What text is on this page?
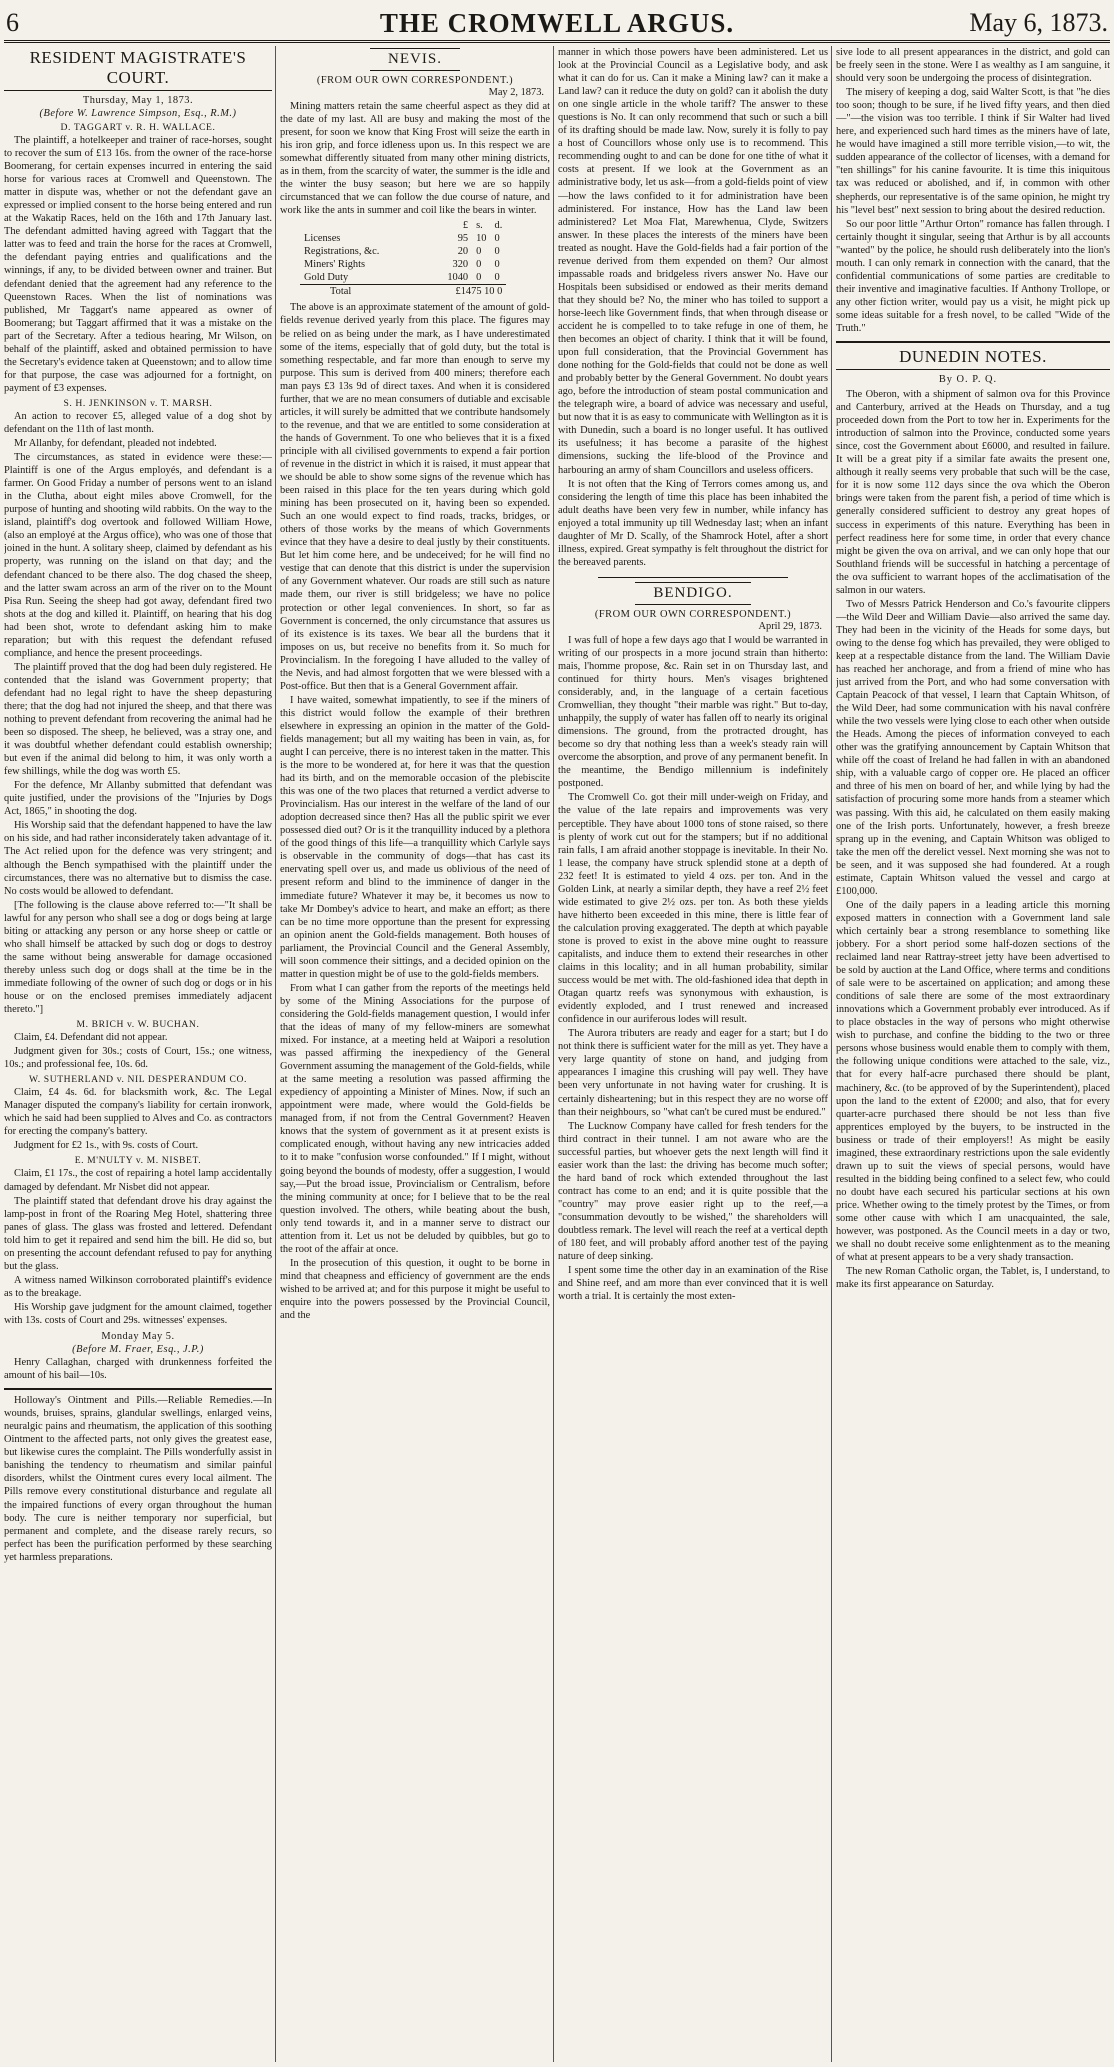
6	THE CROMWELL ARGUS.	May 6, 1873.
RESIDENT MAGISTRATE'S COURT.
Thursday, May 1, 1873.
(Before W. Lawrence Simpson, Esq., R.M.)
D. TAGGART v. R. H. WALLACE.

The plaintiff, a hotelkeeper and trainer of race-horses, sought to recover the sum of £13 16s. from the owner of the race-horse Boomerang, for certain expenses incurred in entering the said horse for various races at Cromwell and Queenstown. The matter in dispute was, whether or not the defendant gave an expressed or implied consent to the horse being entered and run at the Wakatip Races, held on the 16th and 17th January last. The defendant admitted having agreed with Taggart that the latter was to feed and train the horse for the races at Cromwell, the defendant paying entries and qualifications and the winnings, if any, to be divided between owner and trainer. But defendant denied that the agreement had any reference to the Queenstown Races. When the list of nominations was published, Mr Taggart's name appeared as owner of Boomerang; but Taggart affirmed that it was a mistake on the part of the Secretary. After a tedious hearing, Mr Wilson, on behalf of the plaintiff, asked and obtained permission to have the Secretary's evidence taken at Queenstown; and to allow time for that purpose, the case was adjourned for a fortnight, on payment of £3 expenses.

S. H. JENKINSON v. T. MARSH.

An action to recover £5, alleged value of a dog shot by defendant on the 11th of last month.

Mr Allanby, for defendant, pleaded not indebted.

The circumstances, as stated in evidence were these:—Plaintiff is one of the Argus employés, and defendant is a farmer. On Good Friday a number of persons went to an island in the Clutha, about eight miles above Cromwell, for the purpose of hunting and shooting wild rabbits. On the way to the island, plaintiff's dog overtook and followed William Howe, (also an employé at the Argus office), who was one of those that joined in the hunt. A solitary sheep, claimed by defendant as his property, was running on the island on that day; and the defendant chanced to be there also. The dog chased the sheep, and the latter swam across an arm of the river on to the Mount Pisa Run. Seeing the sheep had got away, defendant fired two shots at the dog and killed it. Plaintiff, on hearing that his dog had been shot, wrote to defendant asking him to make reparation; but with this request the defendant refused compliance, and hence the present proceedings.

The plaintiff proved that the dog had been duly registered. He contended that the island was Government property; that defendant had no legal right to have the sheep depasturing there; that the dog had not injured the sheep, and that there was nothing to prevent defendant from recovering the animal had he been so disposed. The sheep, he believed, was a stray one, and it was doubtful whether defendant could establish ownership; but even if the animal did belong to him, it was only worth a few shillings, while the dog was worth £5.

For the defence, Mr Allanby submitted that defendant was quite justified, under the provisions of the "Injuries by Dogs Act, 1865," in shooting the dog.

His Worship said that the defendant happened to have the law on his side, and had rather inconsiderately taken advantage of it. The Act relied upon for the defence was very stringent; and although the Bench sympathised with the plaintiff under the circumstances, there was no alternative but to dismiss the case. No costs would be allowed to defendant.

[The following is the clause above referred to:—"It shall be lawful for any person who shall see a dog or dogs being at large biting or attacking any person or any horse sheep or cattle or who shall himself be attacked by such dog or dogs to destroy the same without being answerable for damage occasioned thereby unless such dog or dogs shall at the time be in the immediate following of the owner of such dog or dogs or in his house or on the enclosed premises immediately adjacent thereto."]

M. BRICH v. W. BUCHAN.

Claim, £4. Defendant did not appear.

Judgment given for 30s.; costs of Court, 15s.; one witness, 10s.; and professional fee, 10s. 6d.

W. SUTHERLAND v. NIL DESPERANDUM CO.

Claim, £4 4s. 6d. for blacksmith work, &c. The Legal Manager disputed the company's liability for certain ironwork, which he said had been supplied to Alves and Co. as contractors for erecting the company's battery.

Judgment for £2 1s., with 9s. costs of Court.

E. M'NULTY v. M. NISBET.

Claim, £1 17s., the cost of repairing a hotel lamp accidentally damaged by defendant. Mr Nisbet did not appear.

The plaintiff stated that defendant drove his dray against the lamp-post in front of the Roaring Meg Hotel, shattering three panes of glass. The glass was frosted and lettered. Defendant told him to get it repaired and send him the bill. He did so, but on presenting the account defendant refused to pay for anything but the glass.

A witness named Wilkinson corroborated plaintiff's evidence as to the breakage.

His Worship gave judgment for the amount claimed, together with 13s. costs of Court and 29s. witnesses' expenses.

Monday May 5.
(Before M. Fraer, Esq., J.P.)

Henry Callaghan, charged with drunkenness forfeited the amount of his bail—10s.

Holloway's Ointment and Pills.—Reliable Remedies.—In wounds, bruises, sprains, glandular swellings, enlarged veins, neuralgic pains and rheumatism, the application of this soothing Ointment to the affected parts, not only gives the greatest ease, but likewise cures the complaint. The Pills wonderfully assist in banishing the tendency to rheumatism and similar painful disorders, whilst the Ointment cures every local ailment. The Pills remove every constitutional disturbance and regulate all the impaired functions of every organ throughout the human body. The cure is neither temporary nor superficial, but permanent and complete, and the disease rarely recurs, so perfect has been the purification performed by these searching yet harmless preparations.

NEVIS.
(FROM OUR OWN CORRESPONDENT.)
May 2, 1873.

Mining matters retain the same cheerful aspect as they did at the date of my last. All are busy and making the most of the present, for soon we know that King Frost will seize the earth in his iron grip, and force idleness upon us. In this respect we are somewhat differently situated from many other mining districts, as in them, from the scarcity of water, the summer is the idle and the winter the busy season; but here we are so happily circumstanced that we can follow the due course of nature, and work like the ants in summer and coil like the bears in winter.

		£	s.	d.
Licenses		95	10	0
Registrations, &c.		20	0	0
Miners' Rights		320	0	0
Gold Duty		1040	0	0
Total		£1475 10 0		

The above is an approximate statement of the amount of gold-fields revenue derived yearly from this place. The figures may be relied on as being under the mark, as I have underestimated some of the items, especially that of gold duty, but the total is something respectable, and far more than enough to serve my purpose. This sum is derived from 400 miners; therefore each man pays £3 13s 9d of direct taxes. And when it is considered further, that we are no mean consumers of dutiable and excisable articles, it will surely be admitted that we contribute handsomely to the revenue, and that we are entitled to some consideration at the hands of Government. To one who believes that it is a fixed principle with all civilised governments to expend a fair portion of revenue in the district in which it is raised, it must appear that we should be able to show some signs of the revenue which has been raised in this place for the ten years during which gold mining has been prosecuted on it, having been so expended. Such an one would expect to find roads, tracks, bridges, or others of those works by the means of which Governments evince that they have a desire to deal justly by their constituents. But let him come here, and be undeceived; for he will find no vestige that can denote that this district is under the supervision of any Government whatever. Our roads are still such as nature made them, our river is still bridgeless; we have no police protection or other legal conveniences. In short, so far as Government is concerned, the only circumstance that assures us of its existence is its taxes. We bear all the burdens that it imposes on us, but receive no benefits from it. So much for Provincialism. In the foregoing I have alluded to the valley of the Nevis, and had almost forgotten that we were blessed with a Post-office. But then that is a General Government affair.

I have waited, somewhat impatiently, to see if the miners of this district would follow the example of their brethren elsewhere in expressing an opinion in the matter of the Gold-fields management; but all my waiting has been in vain, as, for aught I can perceive, there is no interest taken in the matter. This is the more to be wondered at, for here it was that the question had its birth, and on the memorable occasion of the plebiscite this was one of the two places that returned a verdict adverse to Provincialism. Has our interest in the welfare of the land of our adoption decreased since then? Has all the public spirit we ever possessed died out? Or is it the tranquillity induced by a plethora of the good things of this life—a tranquillity which Carlyle says is observable in the community of dogs—that has cast its enervating spell over us, and made us oblivious of the need of present reform and blind to the imminence of danger in the immediate future? Whatever it may be, it becomes us now to take Mr Dombey's advice to heart, and make an effort; as there can be no time more opportune than the present for expressing an opinion anent the Gold-fields management. Both houses of parliament, the Provincial Council and the General Assembly, will soon commence their sittings, and a decided opinion on the matter in question might be of use to the gold-fields members.

From what I can gather from the reports of the meetings held by some of the Mining Associations for the purpose of considering the Gold-fields management question, I would infer that the ideas of many of my fellow-miners are somewhat mixed. For instance, at a meeting held at Waipori a resolution was passed affirming the inexpediency of the General Government assuming the management of the Gold-fields, while at the same meeting a resolution was passed affirming the expediency of appointing a Minister of Mines. Now, if such an appointment were made, where would the Gold-fields be managed from, if not from the Central Government? Heaven knows that the system of government as it at present exists is complicated enough, without having any new intricacies added to it to make "confusion worse confounded." If I might, without going beyond the bounds of modesty, offer a suggestion, I would say,—Put the broad issue, Provincialism or Centralism, before the mining community at once; for I believe that to be the real question involved. The others, while beating about the bush, only tend towards it, and in a manner serve to distract our attention from it. Let us not be deluded by quibbles, but go to the root of the affair at once.

In the prosecution of this question, it ought to be borne in mind that cheapness and efficiency of government are the ends wished to be arrived at; and for this purpose it might be useful to enquire into the powers possessed by the Provincial Council, and the

manner in which those powers have been administered. Let us look at the Provincial Council as a Legislative body, and ask what it can do for us. Can it make a Mining law? can it make a Land law? can it reduce the duty on gold? can it abolish the duty on one single article in the whole tariff? The answer to these questions is No. It can only recommend that such or such a bill of its drafting should be made law. Now, surely it is folly to pay a host of Councillors whose only use is to recommend. This recommending ought to and can be done for one tithe of what it costs at present. If we look at the Government as an administrative body, let us ask—from a gold-fields point of view—how the laws confided to it for administration have been administered. For instance, How has the Land law been administered? Let Moa Flat, Marewhenua, Clyde, Switzers answer. In these places the interests of the miners have been treated as nought. Have the Gold-fields had a fair portion of the revenue derived from them expended on them? Our almost impassable roads and bridgeless rivers answer No. Have our Hospitals been subsidised or endowed as their merits demand that they should be? No, the miner who has toiled to support a horse-leech like Government finds, that when through disease or accident he is compelled to to take refuge in one of them, he then becomes an object of charity. I think that it will be found, upon full consideration, that the Provincial Government has done nothing for the Gold-fields that could not be done as well and probably better by the General Government. No doubt years ago, before the introduction of steam postal communication and the telegraph wire, a board of advice was necessary and useful, but now that it is as easy to communicate with Wellington as it is with Dunedin, such a board is no longer useful. It has outlived its usefulness; it has become a parasite of the highest dimensions, sucking the life-blood of the Province and harbouring an army of sham Councillors and useless officers.

It is not often that the King of Terrors comes among us, and considering the length of time this place has been inhabited the adult deaths have been very few in number, while infancy has enjoyed a total immunity up till Wednesday last; when an infant daughter of Mr D. Scally, of the Shamrock Hotel, after a short illness, expired. Great sympathy is felt throughout the district for the bereaved parents.

BENDIGO.
(FROM OUR OWN CORRESPONDENT.)
April 29, 1873.

I was full of hope a few days ago that I would be warranted in writing of our prospects in a more jocund strain than hitherto: mais, l'homme propose, &c. Rain set in on Thursday last, and continued for thirty hours. Men's visages brightened considerably, and, in the language of a certain facetious Cromwellian, they thought "their marble was right." But to-day, unhappily, the supply of water has fallen off to nearly its original dimensions. The ground, from the protracted drought, has become so dry that nothing less than a week's steady rain will overcome the absorption, and prove of any permanent benefit. In the meantime, the Bendigo millennium is indefinitely postponed.

The Cromwell Co. got their mill under-weigh on Friday, and the value of the late repairs and improvements was very perceptible. They have about 1000 tons of stone raised, so there is plenty of work cut out for the stampers; but if no additional rain falls, I am afraid another stoppage is inevitable. In their No. 1 lease, the company have struck splendid stone at a depth of 232 feet! It is estimated to yield 4 ozs. per ton. And in the Golden Link, at nearly a similar depth, they have a reef 2½ feet wide estimated to give 2½ ozs. per ton. As both these yields have hitherto been exceeded in this mine, there is little fear of the calculation proving exaggerated. The depth at which payable stone is proved to exist in the above mine ought to reassure capitalists, and induce them to extend their researches in other claims in this locality; and in all human probability, similar success would be met with. The old-fashioned idea that depth in Otagan quartz reefs was synonymous with exhaustion, is evidently exploded, and I trust renewed and increased confidence in our auriferous lodes will result.

The Aurora tributers are ready and eager for a start; but I do not think there is sufficient water for the mill as yet. They have a very large quantity of stone on hand, and judging from appearances I imagine this crushing will pay well. They have been very unfortunate in not having water for crushing. It is certainly disheartening; but in this respect they are no worse off than their neighbours, so "what can't be cured must be endured."

The Lucknow Company have called for fresh tenders for the third contract in their tunnel. I am not aware who are the successful parties, but whoever gets the next length will find it easier work than the last: the driving has become much softer; the hard band of rock which extended throughout the last contract has come to an end; and it is quite possible that the "country" may prove easier right up to the reef,—a "consummation devoutly to be wished," the shareholders will doubtless remark. The level will reach the reef at a vertical depth of 180 feet, and will probably afford another test of the paying nature of deep sinking.

I spent some time the other day in an examination of the Rise and Shine reef, and am more than ever convinced that it is well worth a trial. It is certainly the most exten-

sive lode to all present appearances in the district, and gold can be freely seen in the stone. Were I as wealthy as I am sanguine, it should very soon be undergoing the process of disintegration.

The misery of keeping a dog, said Walter Scott, is that "he dies too soon; though to be sure, if he lived fifty years, and then died—"—the vision was too terrible. I think if Sir Walter had lived here, and experienced such hard times as the miners have of late, he would have imagined a still more terrible vision,—to wit, the sudden appearance of the collector of licenses, with a demand for "ten shillings" for his canine favourite. It is time this iniquitous tax was reduced or abolished, and if, in common with other shepherds, our representative is of the same opinion, he might try his "level best" next session to bring about the desired reduction.

So our poor little "Arthur Orton" romance has fallen through. I certainly thought it singular, seeing that Arthur is by all accounts "wanted" by the police, he should rush deliberately into the lion's mouth. I can only remark in connection with the canard, that the confidential communications of some parties are creditable to their inventive and imaginative faculties. If Anthony Trollope, or any other fiction writer, would pay us a visit, he might pick up some ideas suitable for a fresh novel, to be called "Wide of the Truth."

DUNEDIN NOTES.
By O. P. Q.

The Oberon, with a shipment of salmon ova for this Province and Canterbury, arrived at the Heads on Thursday, and a tug proceeded down from the Port to tow her in. Experiments for the introduction of salmon into the Province, conducted some years since, cost the Government about £6000, and resulted in failure. It will be a great pity if a similar fate awaits the present one, although it really seems very probable that such will be the case, for it is now some 112 days since the ova which the Oberon brings were taken from the parent fish, a period of time which is generally considered sufficient to destroy any great hopes of success in experiments of this nature. Everything has been in perfect readiness here for some time, in order that every chance might be given the ova on arrival, and we can only hope that our Southland friends will be successful in hatching a percentage of the ova sufficient to warrant hopes of the acclimatisation of the salmon in our waters.

Two of Messrs Patrick Henderson and Co.'s favourite clippers—the Wild Deer and William Davie—also arrived the same day. They had been in the vicinity of the Heads for some days, but owing to the dense fog which has prevailed, they were obliged to keep at a respectable distance from the land. The William Davie has reached her anchorage, and from a friend of mine who has just arrived from the Port, and who had some conversation with Captain Peacock of that vessel, I learn that Captain Whitson, of the Wild Deer, had some communication with his naval confrère while the two vessels were lying close to each other when outside the Heads. Among the pieces of information conveyed to each other was the gratifying announcement by Captain Whitson that while off the coast of Ireland he had fallen in with an abandoned ship, with a valuable cargo of copper ore. He placed an officer and three of his men on board of her, and while lying by had the satisfaction of procuring some more hands from a steamer which was passing. With this aid, he calculated on them easily making one of the Irish ports. Unfortunately, however, a fresh breeze sprang up in the evening, and Captain Whitson was obliged to take the men off the derelict vessel. Next morning she was not to be seen, and it was supposed she had foundered. At a rough estimate, Captain Whitson valued the vessel and cargo at £100,000.

One of the daily papers in a leading article this morning exposed matters in connection with a Government land sale which certainly bear a strong resemblance to something like jobbery. For a short period some half-dozen sections of the reclaimed land near Rattray-street jetty have been advertised to be sold by auction at the Land Office, where terms and conditions of sale were to be ascertained on application; and among these conditions of sale there are some of the most extraordinary innovations which a Government probably ever introduced. As if to place obstacles in the way of persons who might otherwise wish to purchase, and confine the bidding to the two or three persons whose business would enable them to comply with them, the following unique conditions were attached to the sale, viz., that for every half-acre purchased there should be plant, machinery, &c. (to be approved of by the Superintendent), placed upon the land to the extent of £2000; and also, that for every quarter-acre purchased there should be not less than five apprentices employed by the buyers, to be instructed in the business or trade of their employers!! As might be easily imagined, these extraordinary restrictions upon the sale evidently drawn up to suit the views of special persons, would have resulted in the bidding being confined to a select few, who could no doubt have each secured his particular sections at his own price. Whether owing to the timely protest by the Times, or from some other cause with which I am unacquainted, the sale, however, was postponed. As the Council meets in a day or two, we shall no doubt receive some enlightenment as to the meaning of what at present appears to be a very shady transaction.

The new Roman Catholic organ, the Tablet, is, I understand, to make its first appearance on Saturday.
